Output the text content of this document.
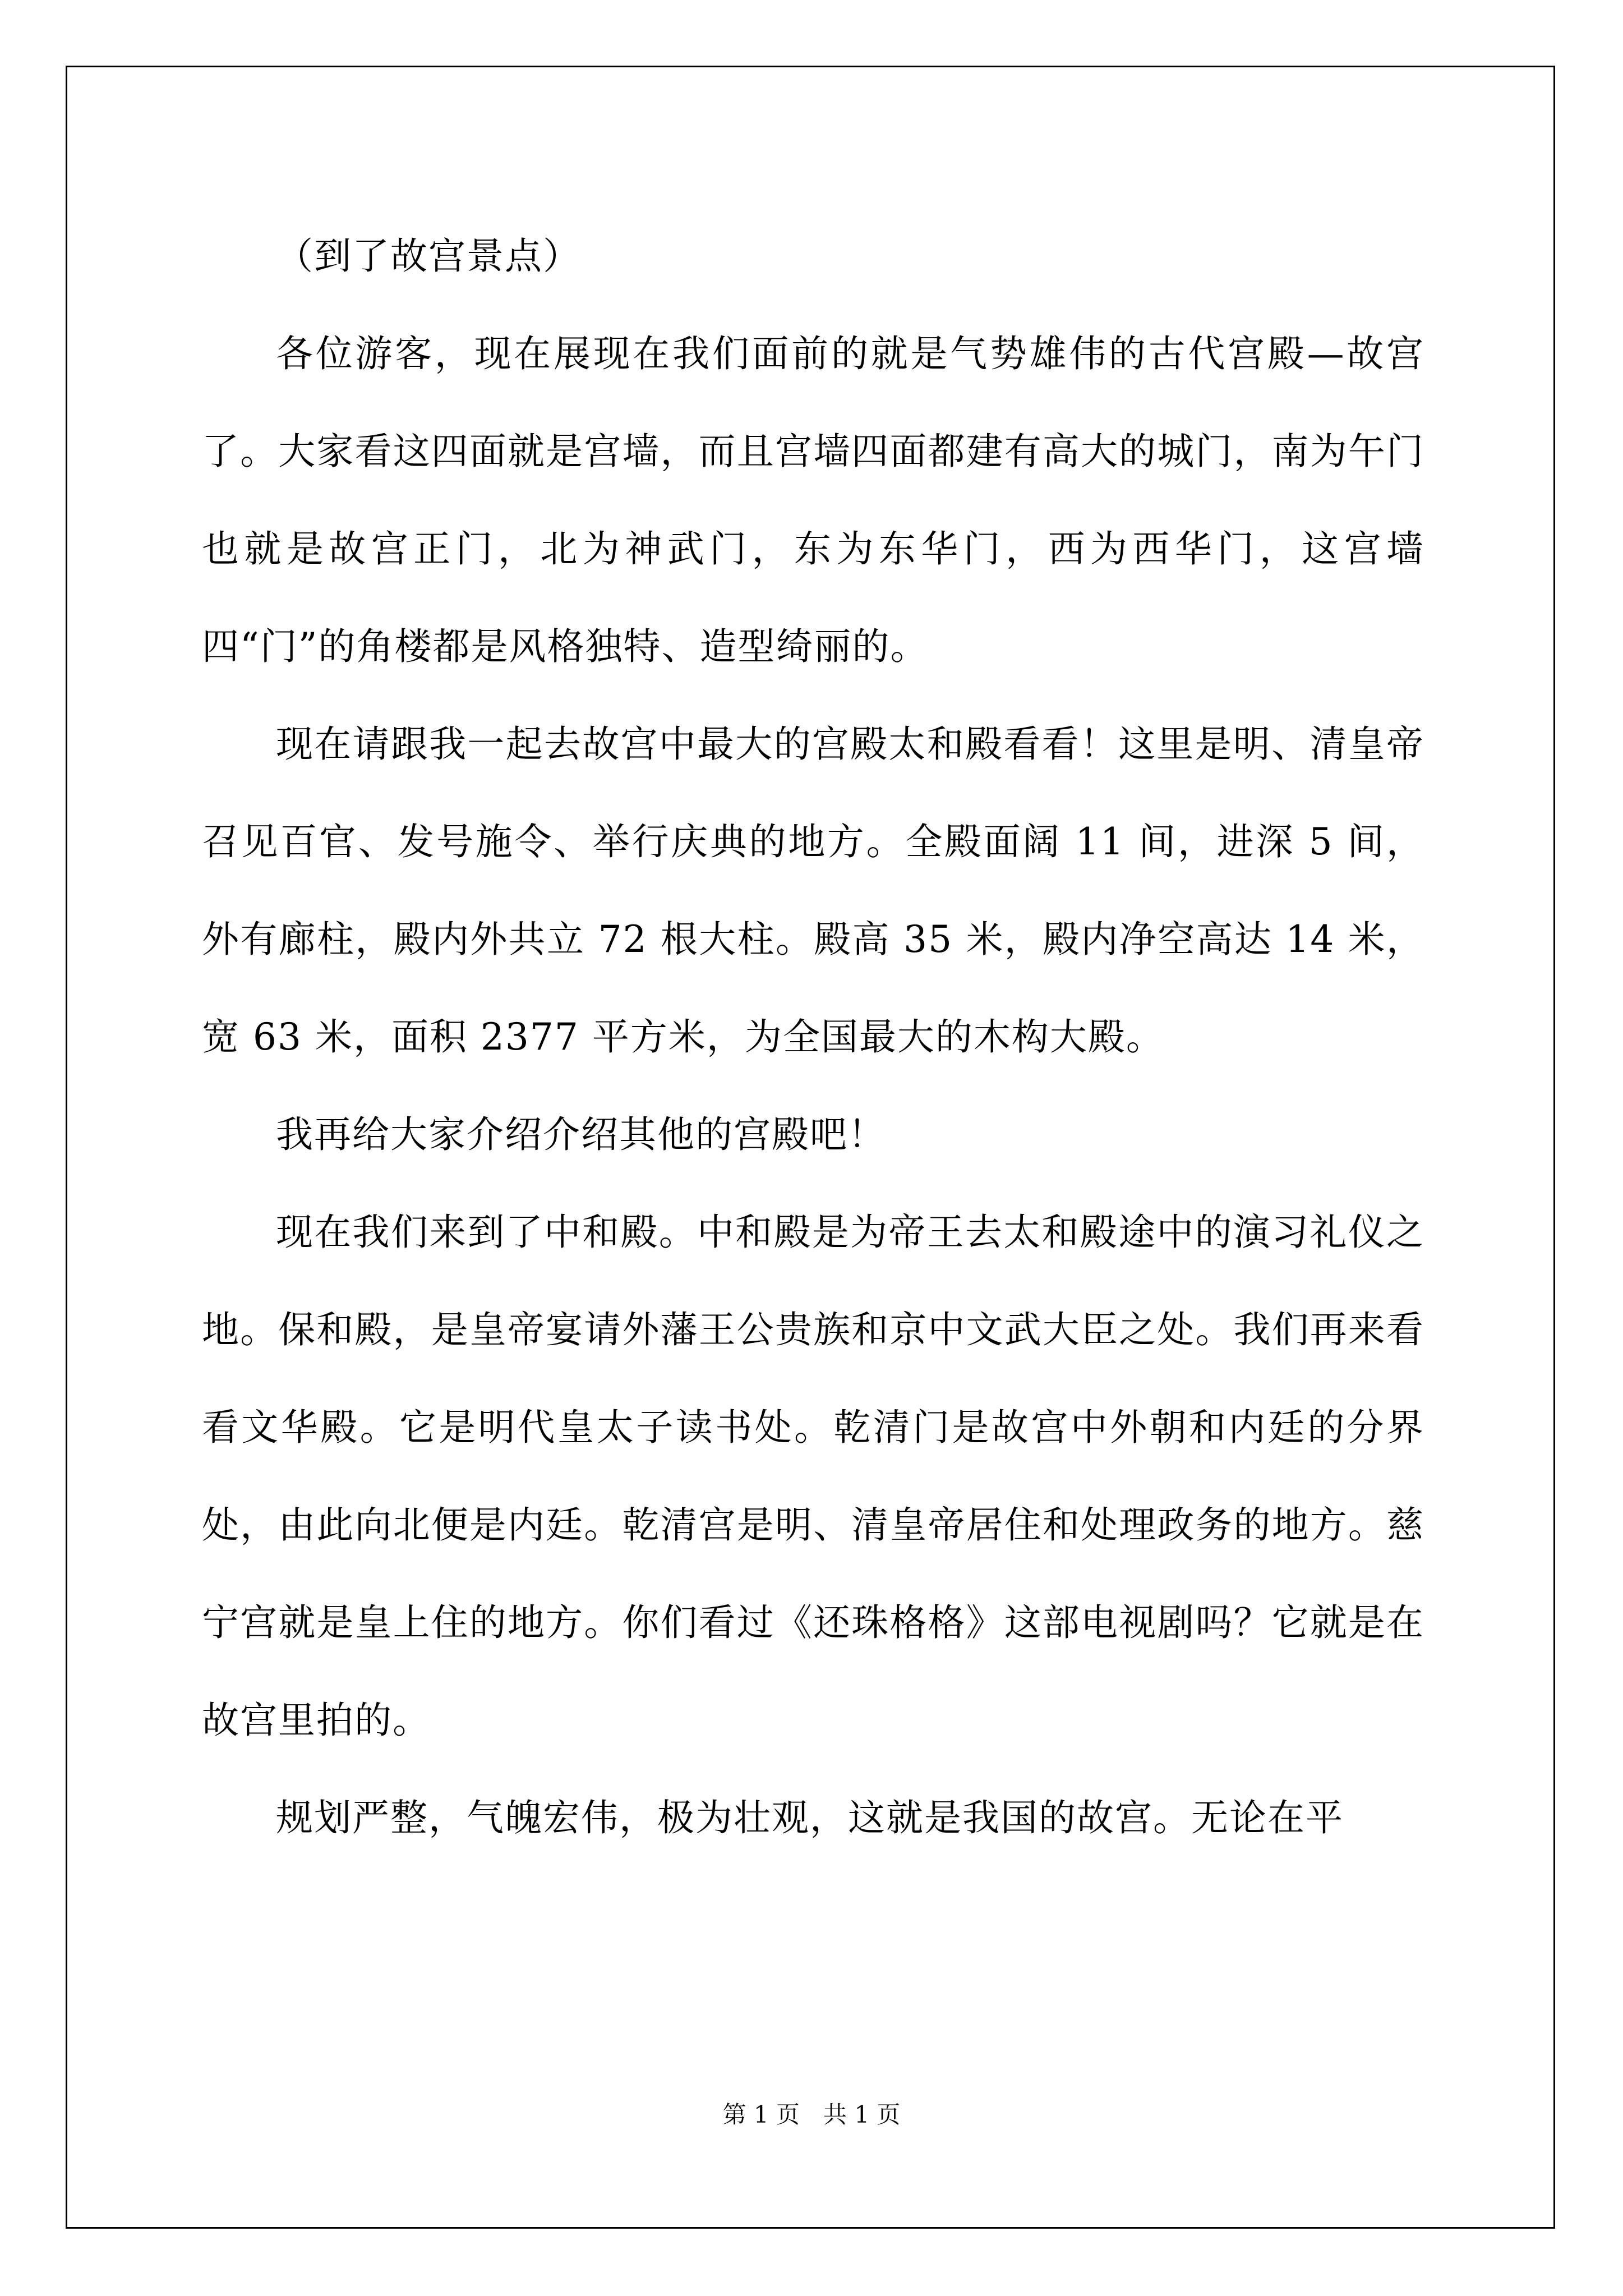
（到了故宫景点）

各位游客，现在展现在我们面前的就是气势雄伟的古代宫殿—故宫了。大家看这四面就是宫墙，而且宫墙四面都建有高大的城门，南为午门也就是故宫正门，北为神武门，东为东华门，西为西华门，这宫墙四“门”的角楼都是风格独特、造型绮丽的。

现在请跟我一起去故宫中最大的宫殿太和殿看看！这里是明、清皇帝召见百官、发号施令、举行庆典的地方。全殿面阔 11 间，进深 5 间，外有廊柱，殿内外共立 72 根大柱。殿高 35 米，殿内净空高达 14 米，宽 63 米，面积 2377 平方米，为全国最大的木构大殿。

我再给大家介绍介绍其他的宫殿吧！

现在我们来到了中和殿。中和殿是为帝王去太和殿途中的演习礼仪之地。保和殿，是皇帝宴请外藩王公贵族和京中文武大臣之处。我们再来看看文华殿。它是明代皇太子读书处。乾清门是故宫中外朝和内廷的分界处，由此向北便是内廷。乾清宫是明、清皇帝居住和处理政务的地方。慈宁宫就是皇上住的地方。你们看过《还珠格格》这部电视剧吗？它就是在故宫里拍的。

规划严整，气魄宏伟，极为壮观，这就是我国的故宫。无论在平

第 1 页　共 1 页
